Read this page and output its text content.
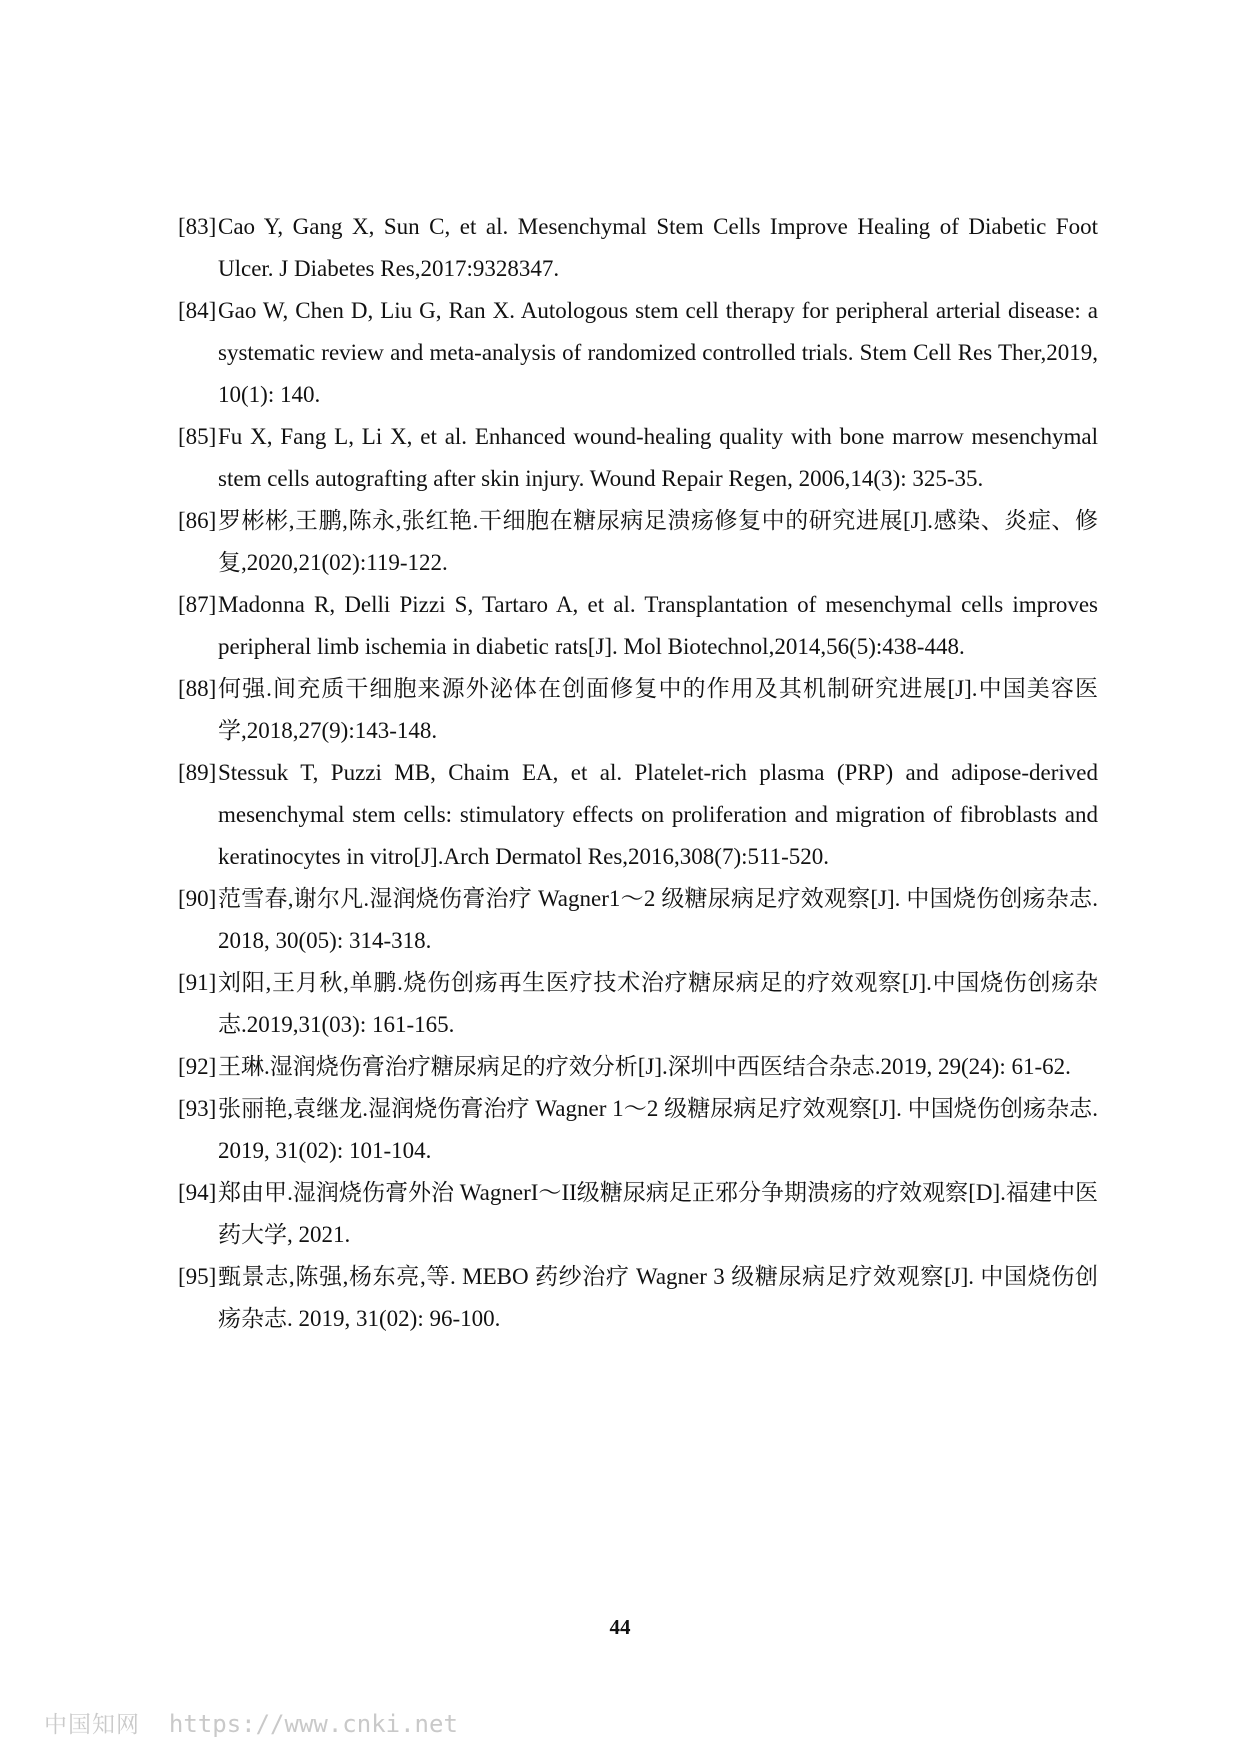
[83] Cao Y, Gang X, Sun C, et al. Mesenchymal Stem Cells Improve Healing of Diabetic Foot Ulcer. J Diabetes Res,2017:9328347.
[84] Gao W, Chen D, Liu G, Ran X. Autologous stem cell therapy for peripheral arterial disease: a systematic review and meta-analysis of randomized controlled trials. Stem Cell Res Ther,2019, 10(1): 140.
[85] Fu X, Fang L, Li X, et al. Enhanced wound-healing quality with bone marrow mesenchymal stem cells autografting after skin injury. Wound Repair Regen, 2006,14(3): 325-35.
[86] 罗彬彬,王鹏,陈永,张红艳.干细胞在糖尿病足溃疡修复中的研究进展[J].感染、炎症、修复,2020,21(02):119-122.
[87] Madonna R, Delli Pizzi S, Tartaro A, et al. Transplantation of mesenchymal cells improves peripheral limb ischemia in diabetic rats[J]. Mol Biotechnol,2014,56(5):438-448.
[88] 何强.间充质干细胞来源外泌体在创面修复中的作用及其机制研究进展[J].中国美容医学,2018,27(9):143-148.
[89] Stessuk T, Puzzi MB, Chaim EA, et al. Platelet-rich plasma (PRP) and adipose-derived mesenchymal stem cells: stimulatory effects on proliferation and migration of fibroblasts and keratinocytes in vitro[J].Arch Dermatol Res,2016,308(7):511-520.
[90] 范雪春,谢尔凡.湿润烧伤膏治疗 Wagner1～2 级糖尿病足疗效观察[J]. 中国烧伤创疡杂志. 2018, 30(05): 314-318.
[91] 刘阳,王月秋,单鹏.烧伤创疡再生医疗技术治疗糖尿病足的疗效观察[J].中国烧伤创疡杂志.2019,31(03): 161-165.
[92] 王琳.湿润烧伤膏治疗糖尿病足的疗效分析[J].深圳中西医结合杂志.2019, 29(24): 61-62.
[93] 张丽艳,袁继龙.湿润烧伤膏治疗 Wagner 1～2 级糖尿病足疗效观察[J]. 中国烧伤创疡杂志. 2019, 31(02): 101-104.
[94] 郑由甲.湿润烧伤膏外治 WagnerI～II级糖尿病足正邪分争期溃疡的疗效观察[D].福建中医药大学, 2021.
[95] 甄景志,陈强,杨东亮,等. MEBO 药纱治疗 Wagner 3 级糖尿病足疗效观察[J]. 中国烧伤创疡杂志. 2019, 31(02): 96-100.
44
中国知网 https://www.cnki.net
